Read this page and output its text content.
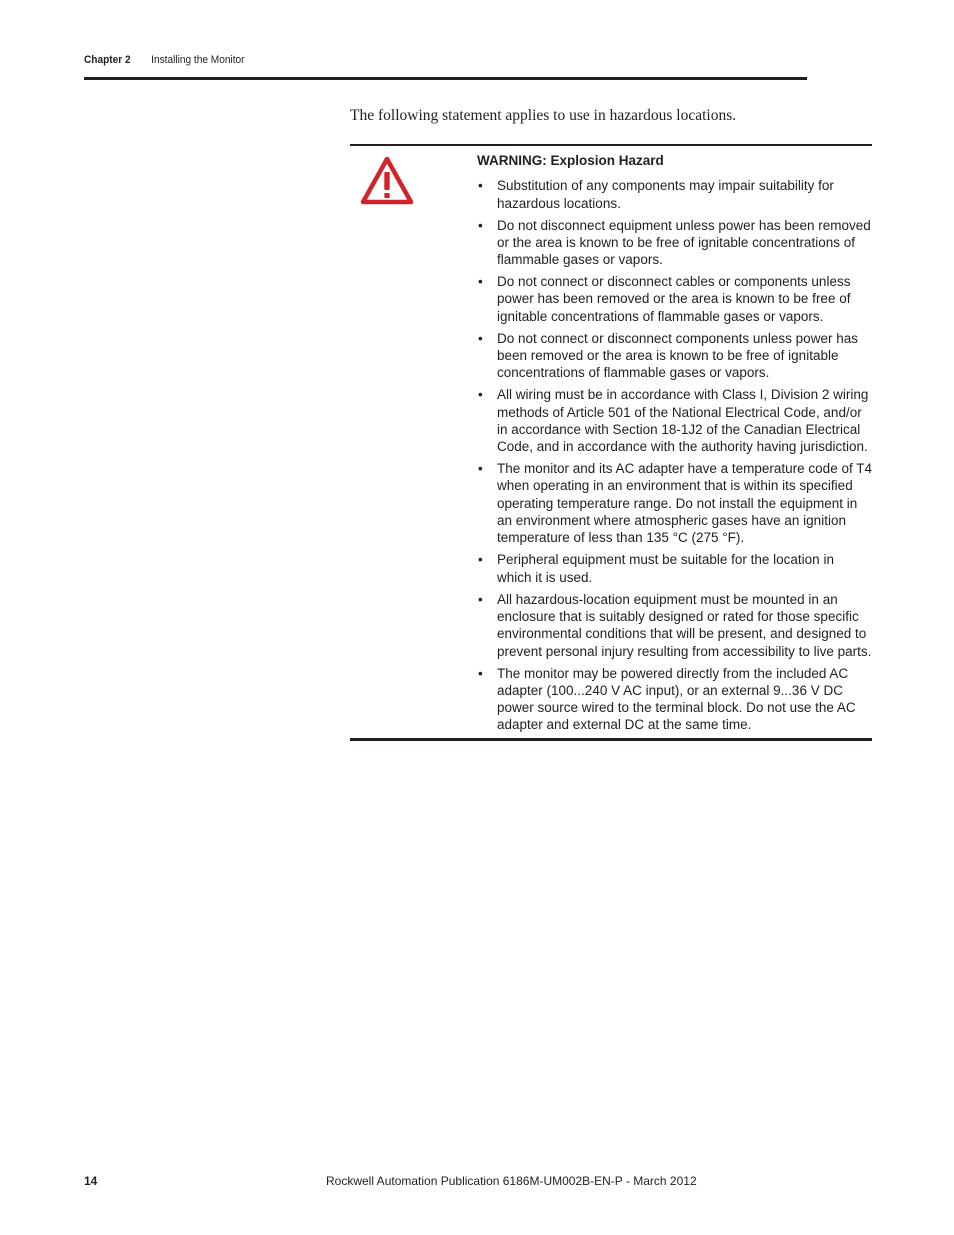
Chapter 2 Installing the Monitor
The following statement applies to use in hazardous locations.
WARNING: Explosion Hazard
• Substitution of any components may impair suitability for hazardous locations.
• Do not disconnect equipment unless power has been removed or the area is known to be free of ignitable concentrations of flammable gases or vapors.
• Do not connect or disconnect cables or components unless power has been removed or the area is known to be free of ignitable concentrations of flammable gases or vapors.
• Do not connect or disconnect components unless power has been removed or the area is known to be free of ignitable concentrations of flammable gases or vapors.
• All wiring must be in accordance with Class I, Division 2 wiring methods of Article 501 of the National Electrical Code, and/or in accordance with Section 18-1J2 of the Canadian Electrical Code, and in accordance with the authority having jurisdiction.
• The monitor and its AC adapter have a temperature code of T4 when operating in an environment that is within its specified operating temperature range. Do not install the equipment in an environment where atmospheric gases have an ignition temperature of less than 135 °C (275 °F).
• Peripheral equipment must be suitable for the location in which it is used.
• All hazardous-location equipment must be mounted in an enclosure that is suitably designed or rated for those specific environmental conditions that will be present, and designed to prevent personal injury resulting from accessibility to live parts.
• The monitor may be powered directly from the included AC adapter (100...240 V AC input), or an external 9...36 V DC power source wired to the terminal block. Do not use the AC adapter and external DC at the same time.
14	Rockwell Automation Publication 6186M-UM002B-EN-P - March 2012
